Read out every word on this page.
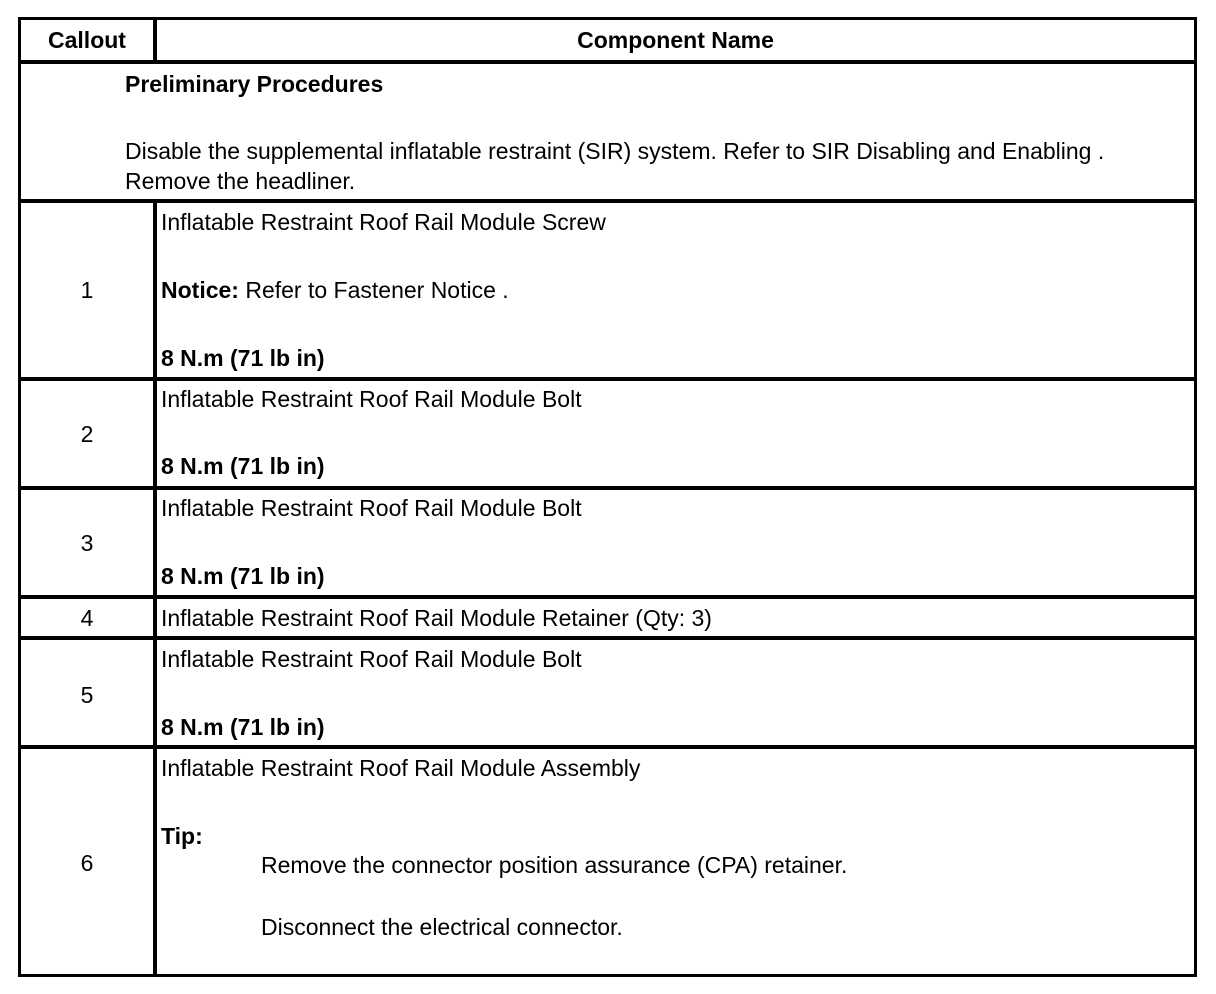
Callout	Component Name
Preliminary Procedures
Disable the supplemental inflatable restraint (SIR) system. Refer to SIR Disabling and Enabling .
Remove the headliner.
1
Inflatable Restraint Roof Rail Module Screw
Notice: Refer to Fastener Notice .
8 N.m (71 lb in)
2
Inflatable Restraint Roof Rail Module Bolt
8 N.m (71 lb in)
3
Inflatable Restraint Roof Rail Module Bolt
8 N.m (71 lb in)
4	Inflatable Restraint Roof Rail Module Retainer (Qty: 3)
5
Inflatable Restraint Roof Rail Module Bolt
8 N.m (71 lb in)
6
Inflatable Restraint Roof Rail Module Assembly
Tip:
Remove the connector position assurance (CPA) retainer.
Disconnect the electrical connector.
